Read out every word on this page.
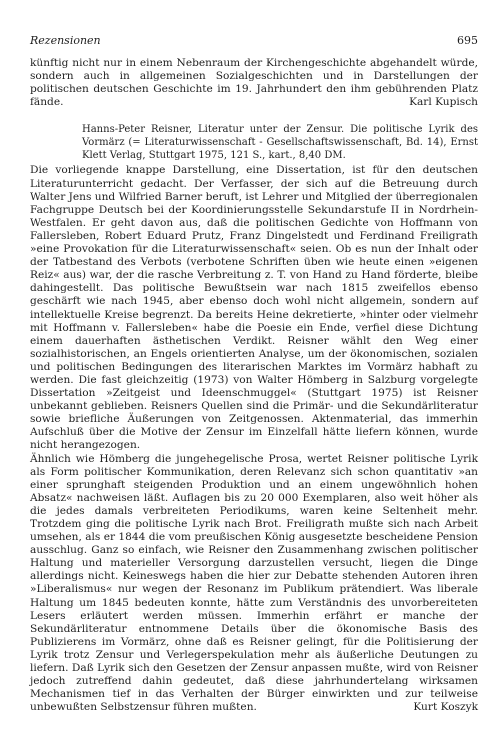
Rezensionen	695

künftig nicht nur in einem Nebenraum der Kirchengeschichte abgehandelt würde, sondern auch in allgemeinen Sozialgeschichten und in Darstellungen der politischen deutschen Geschichte im 19. Jahrhundert den ihm gebührenden Platz fände.	Karl Kupisch

Hanns-Peter Reisner, Literatur unter der Zensur. Die politische Lyrik des Vormärz (= Literaturwissenschaft - Gesellschaftswissenschaft, Bd. 14), Ernst Klett Verlag, Stuttgart 1975, 121 S., kart., 8,40 DM.

Die vorliegende knappe Darstellung, eine Dissertation, ist für den deutschen Literaturunterricht gedacht. Der Verfasser, der sich auf die Betreuung durch Walter Jens und Wilfried Barner beruft, ist Lehrer und Mitglied der überregionalen Fachgruppe Deutsch bei der Koordinierungsstelle Sekundarstufe II in Nordrhein-Westfalen. Er geht davon aus, daß die politischen Gedichte von Hoffmann von Fallersleben, Robert Eduard Prutz, Franz Dingelstedt und Ferdinand Freiligrath »eine Provokation für die Literaturwissenschaft« seien. Ob es nun der Inhalt oder der Tatbestand des Verbots (verbotene Schriften üben wie heute einen »eigenen Reiz« aus) war, der die rasche Verbreitung z. T. von Hand zu Hand förderte, bleibe dahingestellt. Das politische Bewußtsein war nach 1815 zweifellos ebenso geschärft wie nach 1945, aber ebenso doch wohl nicht allgemein, sondern auf intellektuelle Kreise begrenzt. Da bereits Heine dekretierte, »hinter oder vielmehr mit Hoffmann v. Fallersleben« habe die Poesie ein Ende, verfiel diese Dichtung einem dauerhaften ästhetischen Verdikt. Reisner wählt den Weg einer sozialhistorischen, an Engels orientierten Analyse, um der ökonomischen, sozialen und politischen Bedingungen des literarischen Marktes im Vormärz habhaft zu werden. Die fast gleichzeitig (1973) von Walter Hömberg in Salzburg vorgelegte Dissertation »Zeitgeist und Ideenschmuggel« (Stuttgart 1975) ist Reisner unbekannt geblieben. Reisners Quellen sind die Primär- und die Sekundärliteratur sowie briefliche Äußerungen von Zeitgenossen. Aktenmaterial, das immerhin Aufschluß über die Motive der Zensur im Einzelfall hätte liefern können, wurde nicht herangezogen.

Ähnlich wie Hömberg die jungehegelische Prosa, wertet Reisner politische Lyrik als Form politischer Kommunikation, deren Relevanz sich schon quantitativ »an einer sprunghaft steigenden Produktion und an einem ungewöhnlich hohen Absatz« nachweisen läßt. Auflagen bis zu 20 000 Exemplaren, also weit höher als die jedes damals verbreiteten Periodikums, waren keine Seltenheit mehr. Trotzdem ging die politische Lyrik nach Brot. Freiligrath mußte sich nach Arbeit umsehen, als er 1844 die vom preußischen König ausgesetzte bescheidene Pension ausschlug. Ganz so einfach, wie Reisner den Zusammenhang zwischen politischer Haltung und materieller Versorgung darzustellen versucht, liegen die Dinge allerdings nicht. Keineswegs haben die hier zur Debatte stehenden Autoren ihren »Liberalismus« nur wegen der Resonanz im Publikum prätendiert. Was liberale Haltung um 1845 bedeuten konnte, hätte zum Verständnis des unvorbereiteten Lesers erläutert werden müssen. Immerhin erfährt er manche der Sekundärliteratur entnommene Details über die ökonomische Basis des Publizierens im Vormärz, ohne daß es Reisner gelingt, für die Politisierung der Lyrik trotz Zensur und Verlegerspekulation mehr als äußerliche Deutungen zu liefern. Daß Lyrik sich den Gesetzen der Zensur anpassen mußte, wird von Reisner jedoch zutreffend dahin gedeutet, daß diese jahrhundertelang wirksamen Mechanismen tief in das Verhalten der Bürger einwirkten und zur teilweise unbewußten Selbstzensur führen mußten.	Kurt Koszyk
